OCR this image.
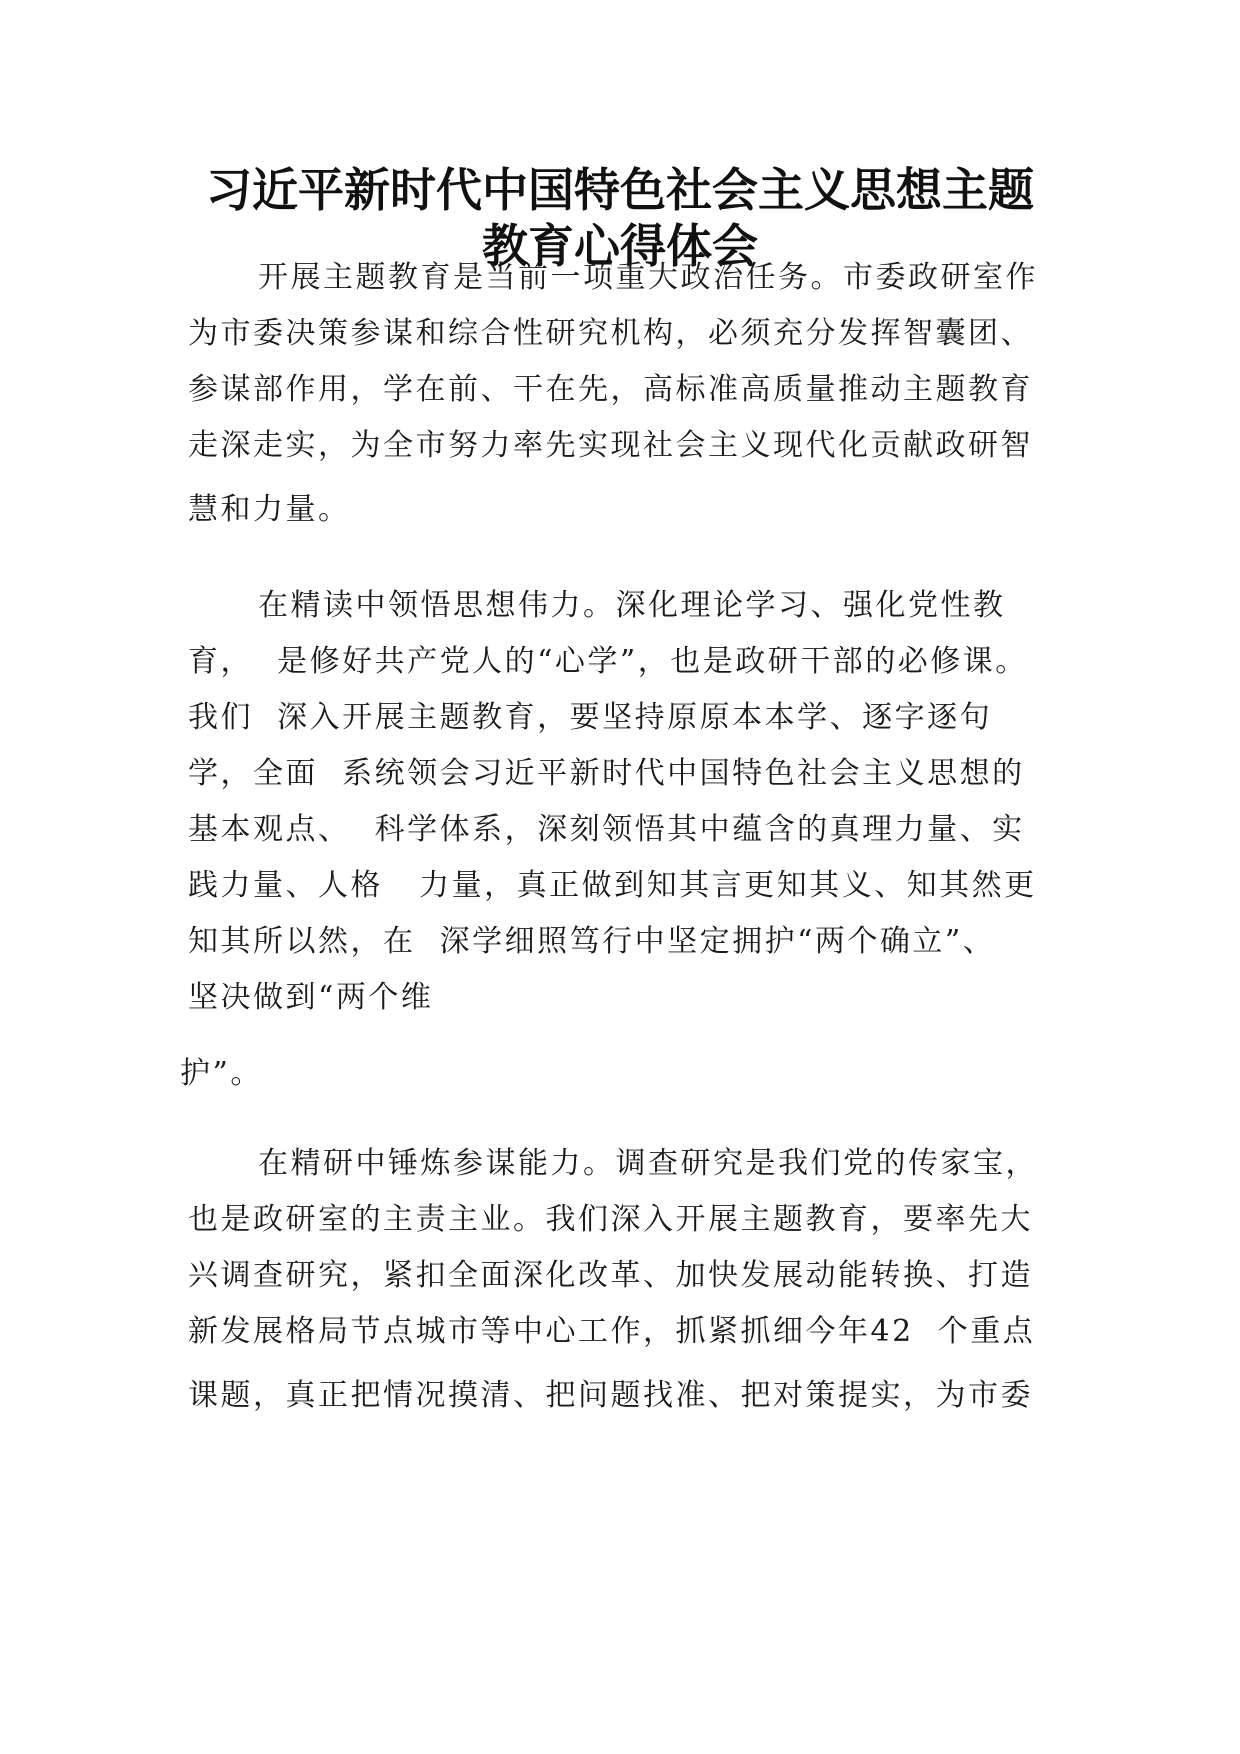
习近平新时代中国特色社会主义思想主题
教育心得体会
开展主题教育是当前一项重大政治任务。市委政研室作
为市委决策参谋和综合性研究机构，必须充分发挥智囊团、
参谋部作用，学在前、干在先，高标准高质量推动主题教育
走深走实，为全市努力率先实现社会主义现代化贡献政研智
慧和力量。
在精读中领悟思想伟力。深化理论学习、强化党性教
育，  是修好共产党人的“心学”，也是政研干部的必修课。
我们  深入开展主题教育，要坚持原原本本学、逐字逐句
学，全面  系统领会习近平新时代中国特色社会主义思想的
基本观点、  科学体系，深刻领悟其中蕴含的真理力量、实
践力量、人格   力量，真正做到知其言更知其义、知其然更
知其所以然，在  深学细照笃行中坚定拥护“两个确立”、
坚决做到“两个维
护”。
在精研中锤炼参谋能力。调查研究是我们党的传家宝，
也是政研室的主责主业。我们深入开展主题教育，要率先大
兴调查研究，紧扣全面深化改革、加快发展动能转换、打造
新发展格局节点城市等中心工作，抓紧抓细今年42  个重点
课题，真正把情况摸清、把问题找准、把对策提实，为市委
